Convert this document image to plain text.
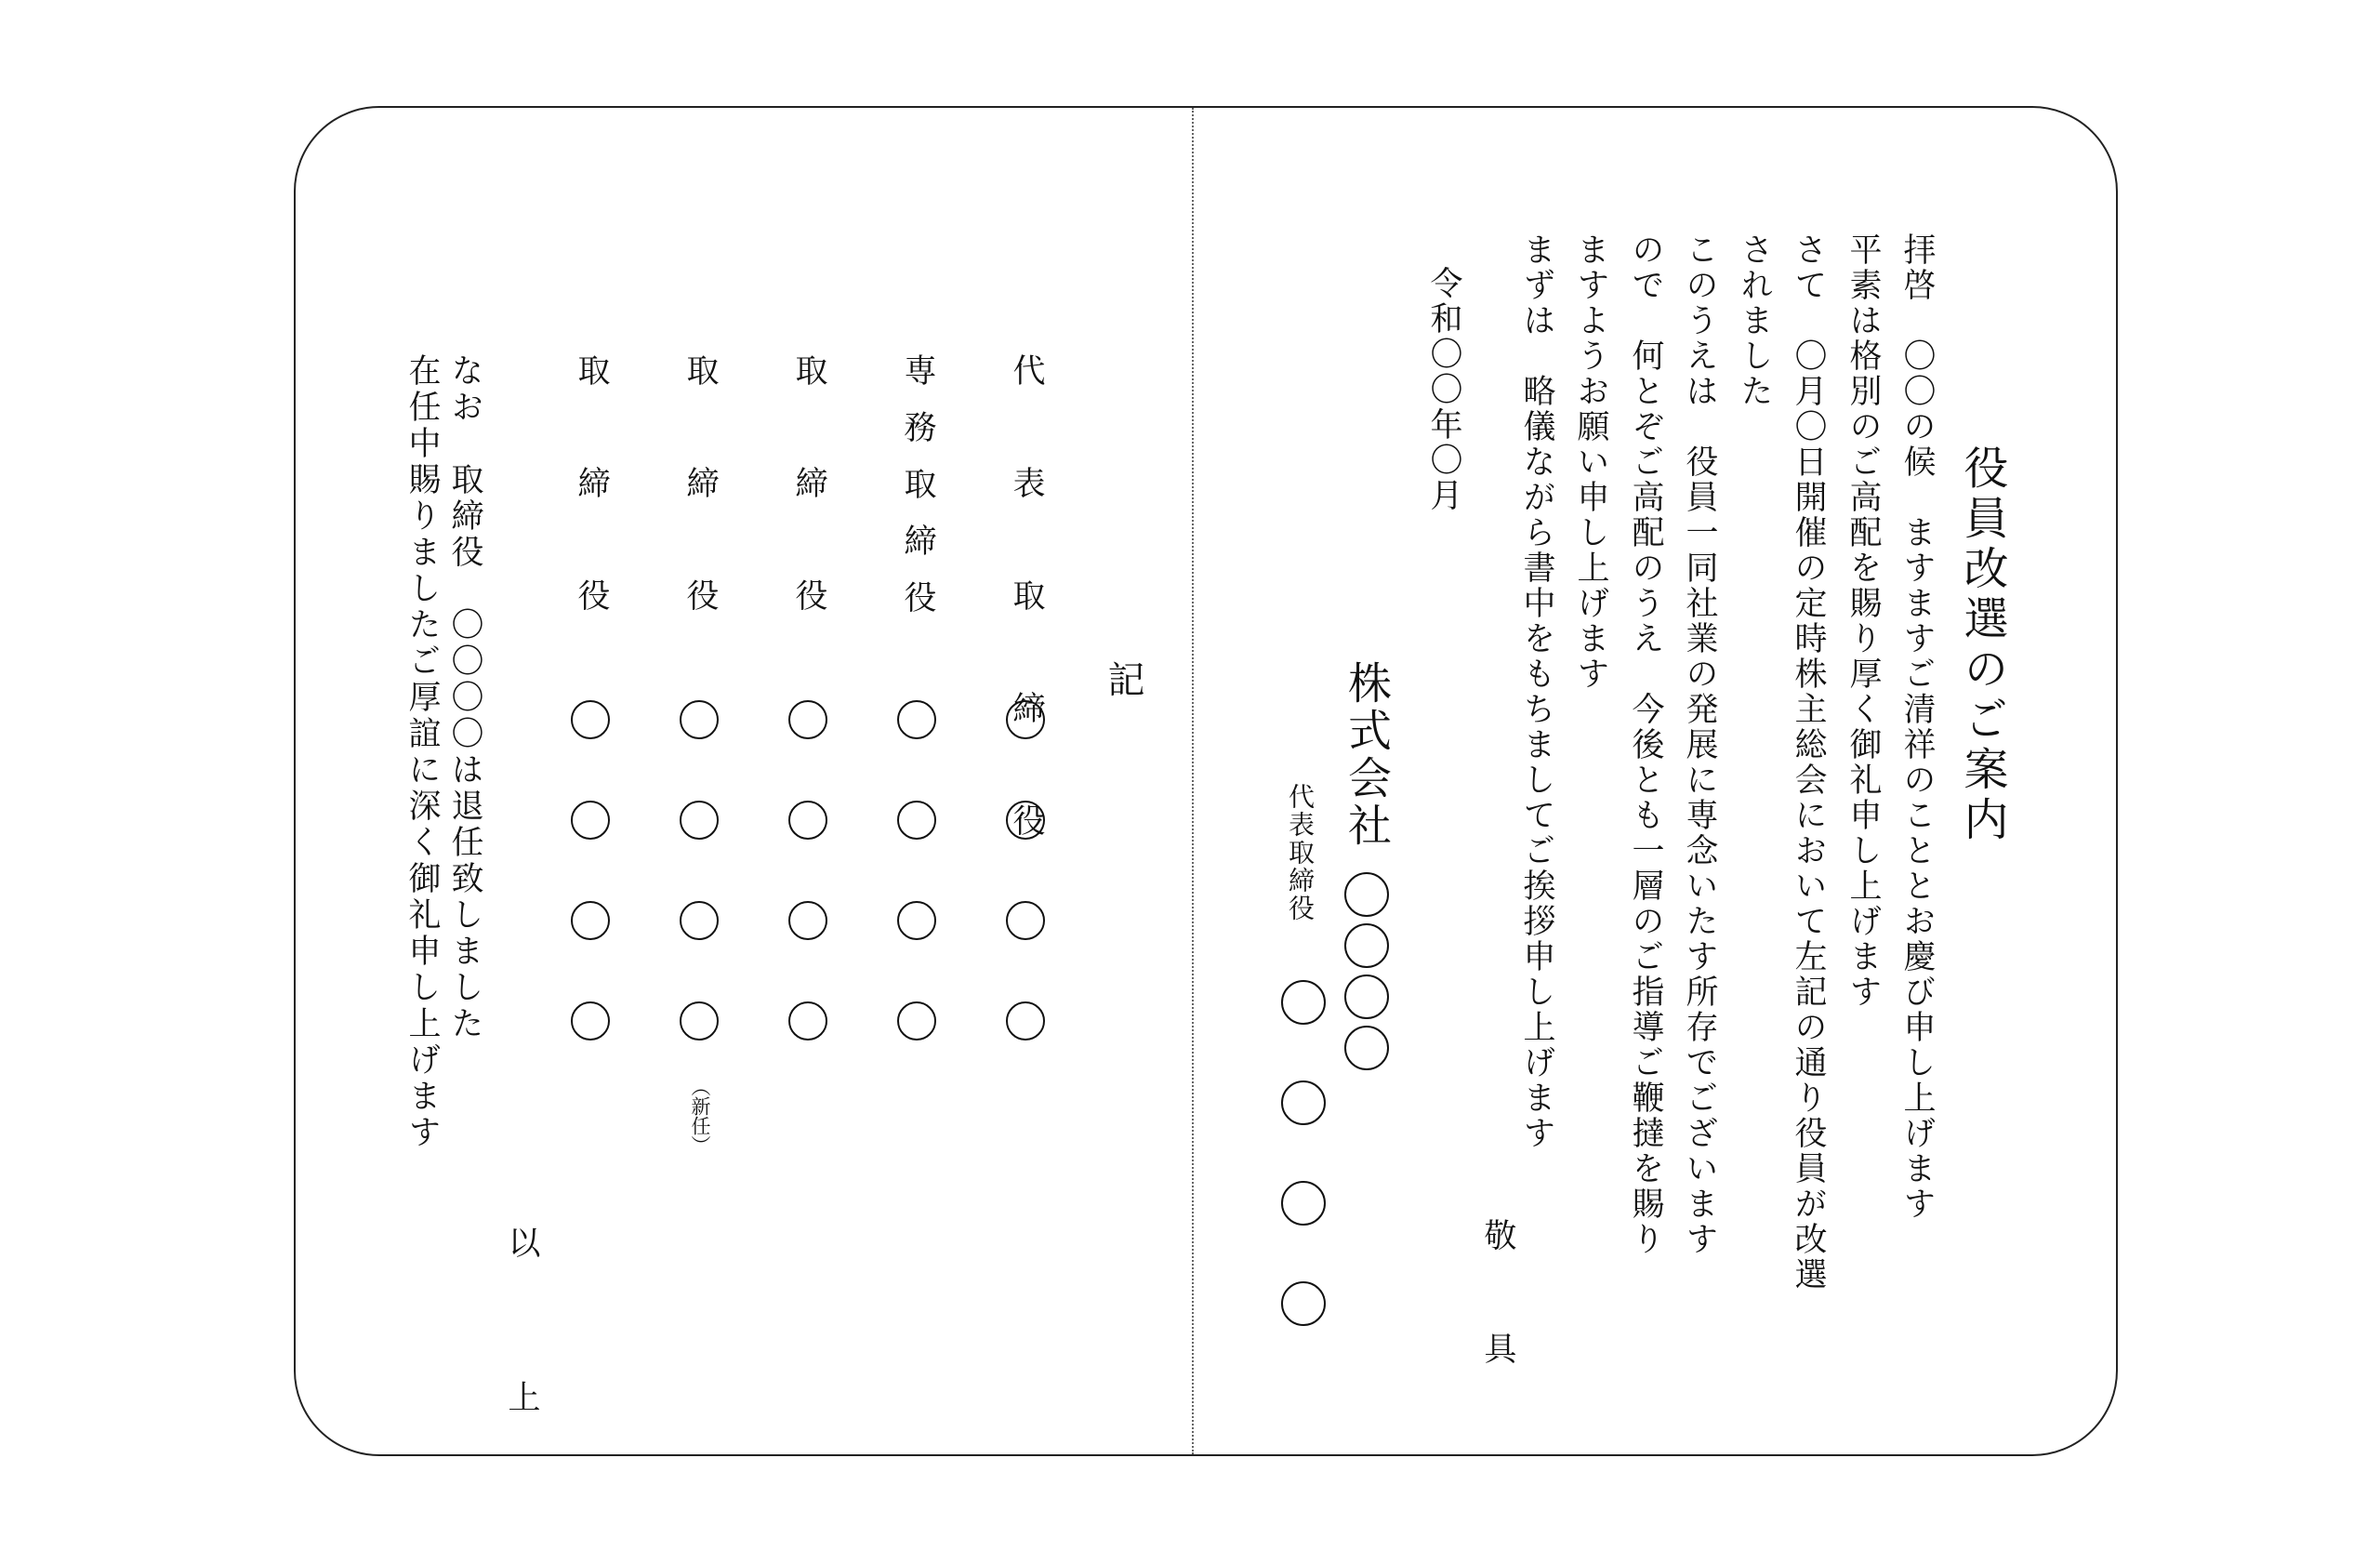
役員改選のご案内
拝啓　〇〇の候　ますますご清祥のこととお慶び申し上げます
平素は格別のご高配を賜り厚く御礼申し上げます
さて　〇月〇日開催の定時株主総会において左記の通り役員が改選
されました
このうえは　役員一同社業の発展に専念いたす所存でございます
ので　何とぞご高配のうえ　今後とも一層のご指導ご鞭撻を賜り
ますようお願い申し上げます
まずは　略儀ながら書中をもちましてご挨拶申し上げます
敬　具
令和〇〇年〇月
株式会社
代表取締役
記
代表取締役
専務取締役
取締役
取締役
（新任）
取締役
なお　取締役　〇〇〇〇は退任致しました
在任中賜りましたご厚誼に深く御礼申し上げます
以　上
